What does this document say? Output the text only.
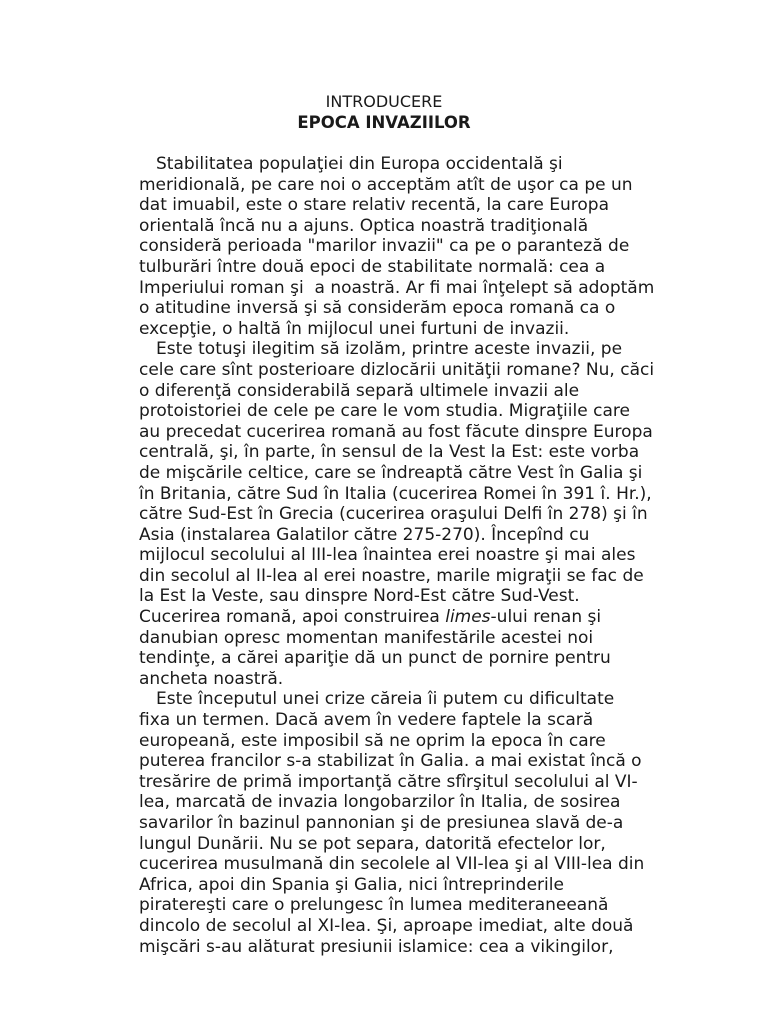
INTRODUCERE
EPOCA INVAZIILOR
Stabilitatea populaţiei din Europa occidentală şi
meridională, pe care noi o acceptăm atît de uşor ca pe un
dat imuabil, este o stare relativ recentă, la care Europa
orientală încă nu a ajuns. Optica noastră tradiţională
consideră perioada "marilor invazii" ca pe o paranteză de
tulburări între două epoci de stabilitate normală: cea a
Imperiului roman şi  a noastră. Ar fi mai înţelept să adoptăm
o atitudine inversă şi să considerăm epoca romană ca o
excepţie, o haltă în mijlocul unei furtuni de invazii.
Este totuşi ilegitim să izolăm, printre aceste invazii, pe
cele care sînt posterioare dizlocării unităţii romane? Nu, căci
o diferenţă considerabilă separă ultimele invazii ale
protoistoriei de cele pe care le vom studia. Migraţiile care
au precedat cucerirea romană au fost făcute dinspre Europa
centrală, şi, în parte, în sensul de la Vest la Est: este vorba
de mişcările celtice, care se îndreaptă către Vest în Galia şi
în Britania, către Sud în Italia (cucerirea Romei în 391 î. Hr.),
către Sud-Est în Grecia (cucerirea oraşului Delfi în 278) şi în
Asia (instalarea Galatilor către 275-270). Începînd cu
mijlocul secolului al III-lea înaintea erei noastre şi mai ales
din secolul al II-lea al erei noastre, marile migraţii se fac de
la Est la Veste, sau dinspre Nord-Est către Sud-Vest.
Cucerirea romană, apoi construirea limes-ului renan şi
danubian opresc momentan manifestările acestei noi
tendinţe, a cărei apariţie dă un punct de pornire pentru
ancheta noastră.
Este începutul unei crize căreia îi putem cu dificultate
fixa un termen. Dacă avem în vedere faptele la scară
europeană, este imposibil să ne oprim la epoca în care
puterea francilor s-a stabilizat în Galia. a mai existat încă o
tresărire de primă importanţă către sfîrşitul secolului al VI-
lea, marcată de invazia longobarzilor în Italia, de sosirea
savarilor în bazinul pannonian şi de presiunea slavă de-a
lungul Dunării. Nu se pot separa, datorită efectelor lor,
cucerirea musulmană din secolele al VII-lea şi al VIII-lea din
Africa, apoi din Spania şi Galia, nici întreprinderile
piratereşti care o prelungesc în lumea mediteraneeană
dincolo de secolul al XI-lea. Şi, aproape imediat, alte două
mişcări s-au alăturat presiunii islamice: cea a vikingilor,
